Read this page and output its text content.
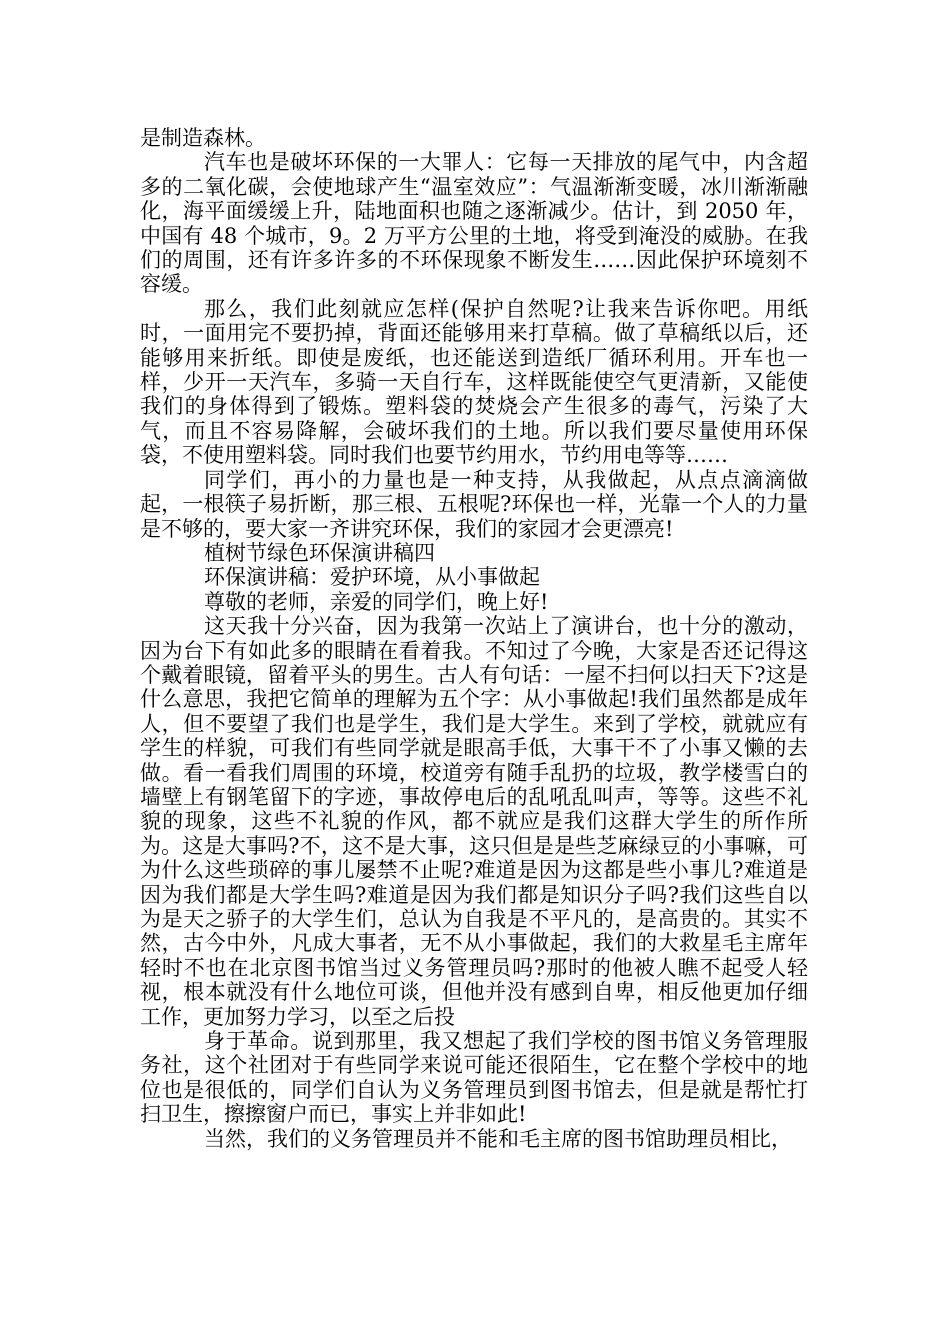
是制造森林。

汽车也是破坏环保的一大罪人：它每一天排放的尾气中，内含超多的二氧化碳，会使地球产生“温室效应”：气温渐渐变暖，冰川渐渐融化，海平面缓缓上升，陆地面积也随之逐渐减少。估计，到 2050 年，中国有 48 个城市，9。2 万平方公里的土地，将受到淹没的威胁。在我们的周围，还有许多许多的不环保现象不断发生……因此保护环境刻不容缓。

那么，我们此刻就应怎样(保护自然呢?让我来告诉你吧。用纸时，一面用完不要扔掉，背面还能够用来打草稿。做了草稿纸以后，还能够用来折纸。即使是废纸，也还能送到造纸厂循环利用。开车也一样，少开一天汽车，多骑一天自行车，这样既能使空气更清新，又能使我们的身体得到了锻炼。塑料袋的焚烧会产生很多的毒气，污染了大气，而且不容易降解，会破坏我们的土地。所以我们要尽量使用环保袋，不使用塑料袋。同时我们也要节约用水，节约用电等等……

同学们，再小的力量也是一种支持，从我做起，从点点滴滴做起，一根筷子易折断，那三根、五根呢?环保也一样，光靠一个人的力量是不够的，要大家一齐讲究环保，我们的家园才会更漂亮!

植树节绿色环保演讲稿四

环保演讲稿：爱护环境，从小事做起

尊敬的老师，亲爱的同学们，晚上好!

这天我十分兴奋，因为我第一次站上了演讲台，也十分的激动，因为台下有如此多的眼睛在看着我。不知过了今晚，大家是否还记得这个戴着眼镜，留着平头的男生。古人有句话：一屋不扫何以扫天下?这是什么意思，我把它简单的理解为五个字：从小事做起!我们虽然都是成年人，但不要望了我们也是学生，我们是大学生。来到了学校，就就应有学生的样貌，可我们有些同学就是眼高手低，大事干不了小事又懒的去做。看一看我们周围的环境，校道旁有随手乱扔的垃圾，教学楼雪白的墙壁上有钢笔留下的字迹，事故停电后的乱吼乱叫声，等等。这些不礼貌的现象，这些不礼貌的作风，都不就应是我们这群大学生的所作所为。这是大事吗?不，这不是大事，这只但是是些芝麻绿豆的小事嘛，可为什么这些琐碎的事儿屡禁不止呢?难道是因为这都是些小事儿?难道是因为我们都是大学生吗?难道是因为我们都是知识分子吗?我们这些自以为是天之骄子的大学生们，总认为自我是不平凡的，是高贵的。其实不然，古今中外，凡成大事者，无不从小事做起，我们的大救星毛主席年轻时不也在北京图书馆当过义务管理员吗?那时的他被人瞧不起受人轻视，根本就没有什么地位可谈，但他并没有感到自卑，相反他更加仔细工作，更加努力学习，以至之后投

身于革命。说到那里，我又想起了我们学校的图书馆义务管理服务社，这个社团对于有些同学来说可能还很陌生，它在整个学校中的地位也是很低的，同学们自认为义务管理员到图书馆去，但是就是帮忙打扫卫生，擦擦窗户而已，事实上并非如此!

当然，我们的义务管理员并不能和毛主席的图书馆助理员相比，
